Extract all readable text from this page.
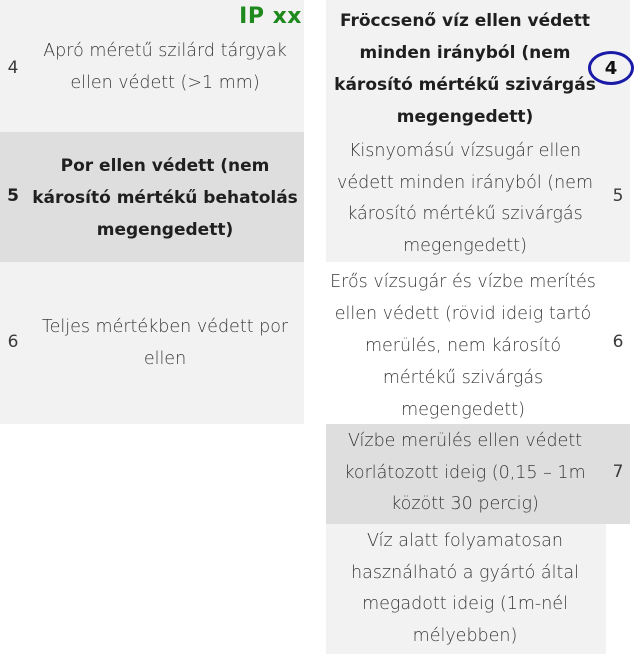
IP xx
4
Apró méretű szilárd tárgyak ellen védett (>1 mm)
5
Por ellen védett (nem károsító mértékű behatolás megengedett)
6
Teljes mértékben védett por ellen
Fröccsenő víz ellen védett minden irányból (nem károsító mértékű szivárgás megengedett)
4
Kisnyomású vízsugár ellen védett minden irányból (nem károsító mértékű szivárgás megengedett)
5
Erős vízsugár és vízbe merítés ellen védett (rövid ideig tartó merülés, nem károsító mértékű szivárgás megengedett)
6
Vízbe merülés ellen védett korlátozott ideig (0,15 – 1m között 30 percig)
7
Víz alatt folyamatosan használható a gyártó által megadott ideig (1m-nél mélyebben)
